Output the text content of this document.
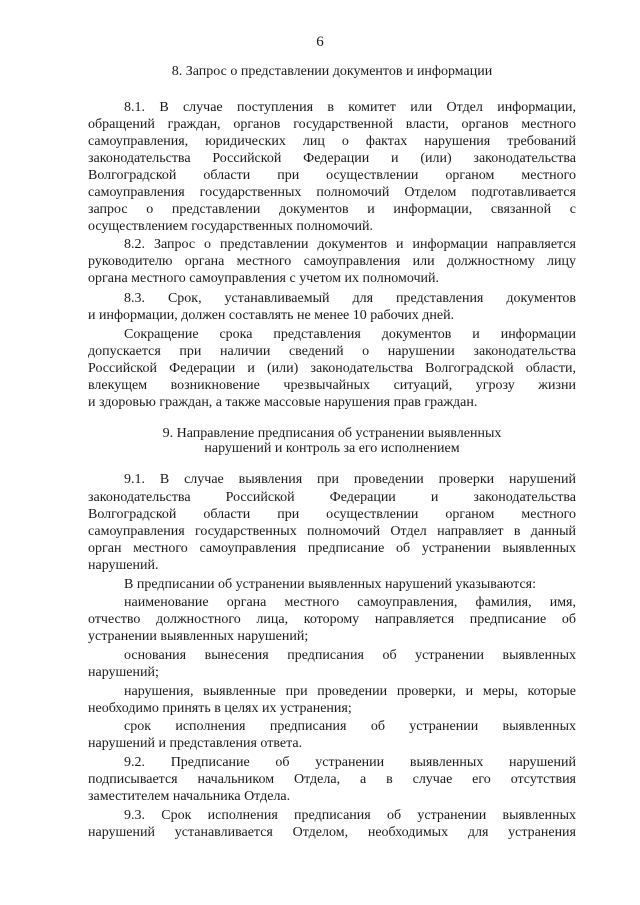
6
8. Запрос о представлении документов и информации
8.1. В случае поступления в комитет или Отдел информации,
обращений граждан, органов государственной власти, органов местного
самоуправления, юридических лиц о фактах нарушения требований
законодательства Российской Федерации и (или) законодательства
Волгоградской области при осуществлении органом местного
самоуправления государственных полномочий Отделом подготавливается
запрос о представлении документов и информации, связанной с
осуществлением государственных полномочий.
8.2. Запрос о представлении документов и информации направляется
руководителю органа местного самоуправления или должностному лицу
органа местного самоуправления с учетом их полномочий.
8.3. Срок, устанавливаемый для представления документов
и информации, должен составлять не менее 10 рабочих дней.
Сокращение срока представления документов и информации
допускается при наличии сведений о нарушении законодательства
Российской Федерации и (или) законодательства Волгоградской области,
влекущем возникновение чрезвычайных ситуаций, угрозу жизни
и здоровью граждан, а также массовые нарушения прав граждан.
9. Направление предписания об устранении выявленных
нарушений и контроль за его исполнением
9.1. В случае выявления при проведении проверки нарушений
законодательства Российской Федерации и законодательства
Волгоградской области при осуществлении органом местного
самоуправления государственных полномочий Отдел направляет в данный
орган местного самоуправления предписание об устранении выявленных
нарушений.
В предписании об устранении выявленных нарушений указываются:
наименование органа местного самоуправления, фамилия, имя,
отчество должностного лица, которому направляется предписание об
устранении выявленных нарушений;
основания вынесения предписания об устранении выявленных
нарушений;
нарушения, выявленные при проведении проверки, и меры, которые
необходимо принять в целях их устранения;
срок исполнения предписания об устранении выявленных
нарушений и представления ответа.
9.2. Предписание об устранении выявленных нарушений
подписывается начальником Отдела, а в случае его отсутствия
заместителем начальника Отдела.
9.3. Срок исполнения предписания об устранении выявленных
нарушений устанавливается Отделом, необходимых для устранения
